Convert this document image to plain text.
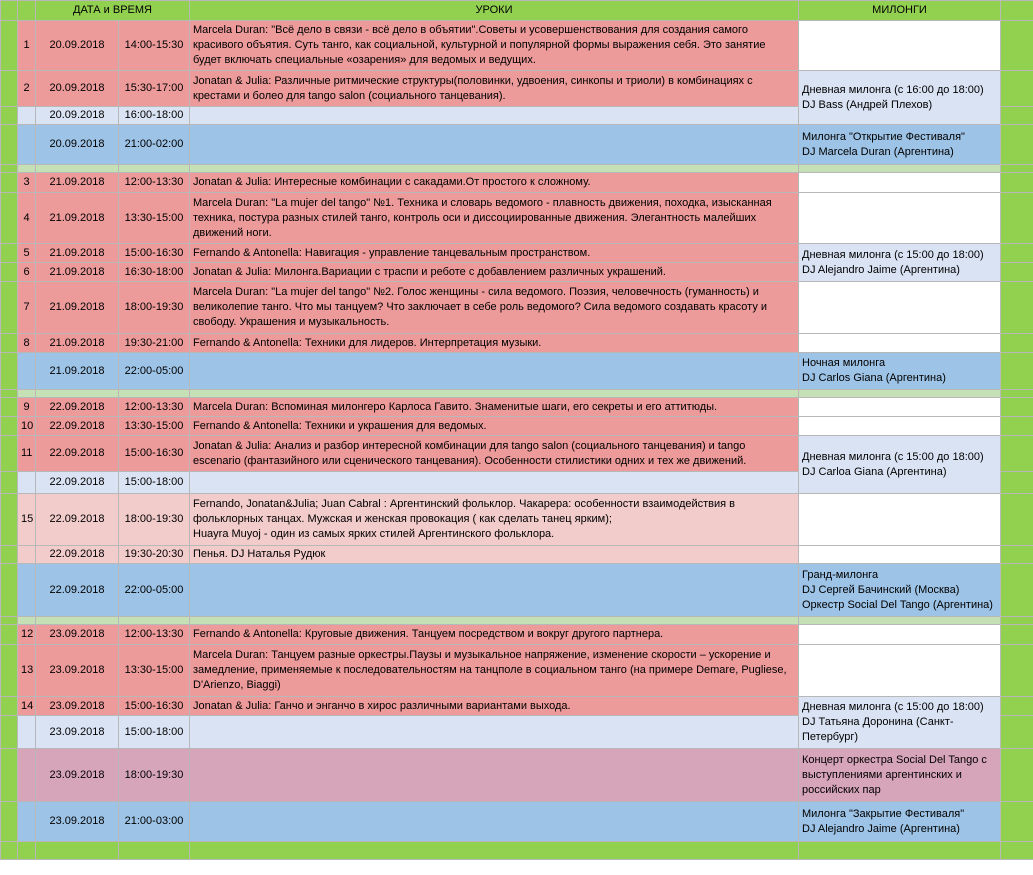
		ДАТА и ВРЕМЯ		УРОКИ	МИЛОНГИ	
	1	20.09.2018	14:00-15:30	Marcela Duran: "Всё дело в связи - всё дело в объятии".Советы и усовершенствования для создания самого красивого объятия. Суть танго, как социальной, культурной и популярной формы выражения себя. Это занятие будет включать специальные «озарения» для ведомых и ведущих.		
	2	20.09.2018	15:30-17:00	Jonatan & Julia: Различные ритмические структуры(половинки, удвоения, синкопы и триоли) в комбинациях с крестами и болео для tango salon (социального танцевания).	Дневная милонга (с 16:00 до 18:00)
DJ Bass (Андрей Плехов)	

		20.09.2018	16:00-18:00			
		20.09.2018	21:00-02:00		Милонга "Открытие Фестиваля"
DJ Marcela Duran (Аргентина)	

	3	21.09.2018	12:00-13:30	Jonatan & Julia: Интересные комбинации с сакадами.От простого к сложному.		
	4	21.09.2018	13:30-15:00	Marcela Duran: "La mujer del tango" №1. Техника и словарь ведомого - плавность движения, походка, изысканная техника, постура разных стилей танго, контроль оси и диссоциированные движения. Элегантность малейших движений ноги.		
	5	21.09.2018	15:00-16:30	Fernando & Antonella: Навигация - управление танцевальным пространством.	Дневная милонга (с 15:00 до 18:00)
DJ Alejandro Jaime (Аргентина)	

	6	21.09.2018	16:30-18:00	Jonatan & Julia: Милонга.Вариации с траспи и реботе с добавлением различных украшений.		
	7	21.09.2018	18:00-19:30	Marcela Duran: "La mujer del tango" №2. Голос женщины - сила ведомого. Поэзия, человечность (гуманность) и великолепие танго. Что мы танцуем? Что заключает в себе роль ведомого? Сила ведомого создавать красоту и свободу. Украшения и музыкальность.		
	8	21.09.2018	19:30-21:00	Fernando & Antonella: Техники для лидеров. Интерпретация музыки.		
		21.09.2018	22:00-05:00		Ночная милонга
DJ Carlos Giana (Аргентина)	

	9	22.09.2018	12:00-13:30	Marcela Duran: Вспоминая милонгеро Карлоса Гавито. Знаменитые шаги, его секреты и его аттитюды.		
	10	22.09.2018	13:30-15:00	Fernando & Antonella: Техники и украшения для ведомых.		
	11	22.09.2018	15:00-16:30	Jonatan & Julia: Анализ и разбор интересной комбинации для tango salon (социального танцевания) и tango escenario (фантазийного или сценического танцевания). Особенности стилистики одних и тех же движений.	Дневная милонга (с 15:00 до 18:00)
DJ Carloa Giana (Аргентина)	

		22.09.2018	15:00-18:00			
	15	22.09.2018	18:00-19:30	Fernando, Jonatan&Julia; Juan Cabral : Аргентинский фольклор. Чакарера: особенности взаимодействия в фольклорных танцах. Мужская и женская провокация ( как сделать танец ярким);
Huayra Muyoj - один из самых ярких стилей Аргентинского фольклора.		

		22.09.2018	19:30-20:30	Пенья. DJ Наталья Рудюк		
		22.09.2018	22:00-05:00		Гранд-милонга
DJ Сергей Бачинский (Москва)
Оркестр Social Del Tango (Аргентина)	

	12	23.09.2018	12:00-13:30	Fernando & Antonella: Круговые движения. Танцуем посредством и вокруг другого партнера.		
	13	23.09.2018	13:30-15:00	Marcela Duran: Танцуем разные оркестры.Паузы и музыкальное напряжение, изменение скорости – ускорение и замедление, применяемые к последовательностям на танцполе в социальном танго (на примере Demare, Pugliese, D'Arienzo, Biaggi)		
	14	23.09.2018	15:00-16:30	Jonatan & Julia: Ганчо и энганчо в хирос различными вариантами выхода.	Дневная милонга (с 15:00 до 18:00)
DJ Татьяна Доронина (Санкт-Петербург)	

		23.09.2018	15:00-18:00			
		23.09.2018	18:00-19:30		Концерт оркестра Social Del Tango с выступлениями аргентинских и российских пар	
		23.09.2018	21:00-03:00		Милонга "Закрытие Фестиваля"
DJ Alejandro Jaime (Аргентина)	
